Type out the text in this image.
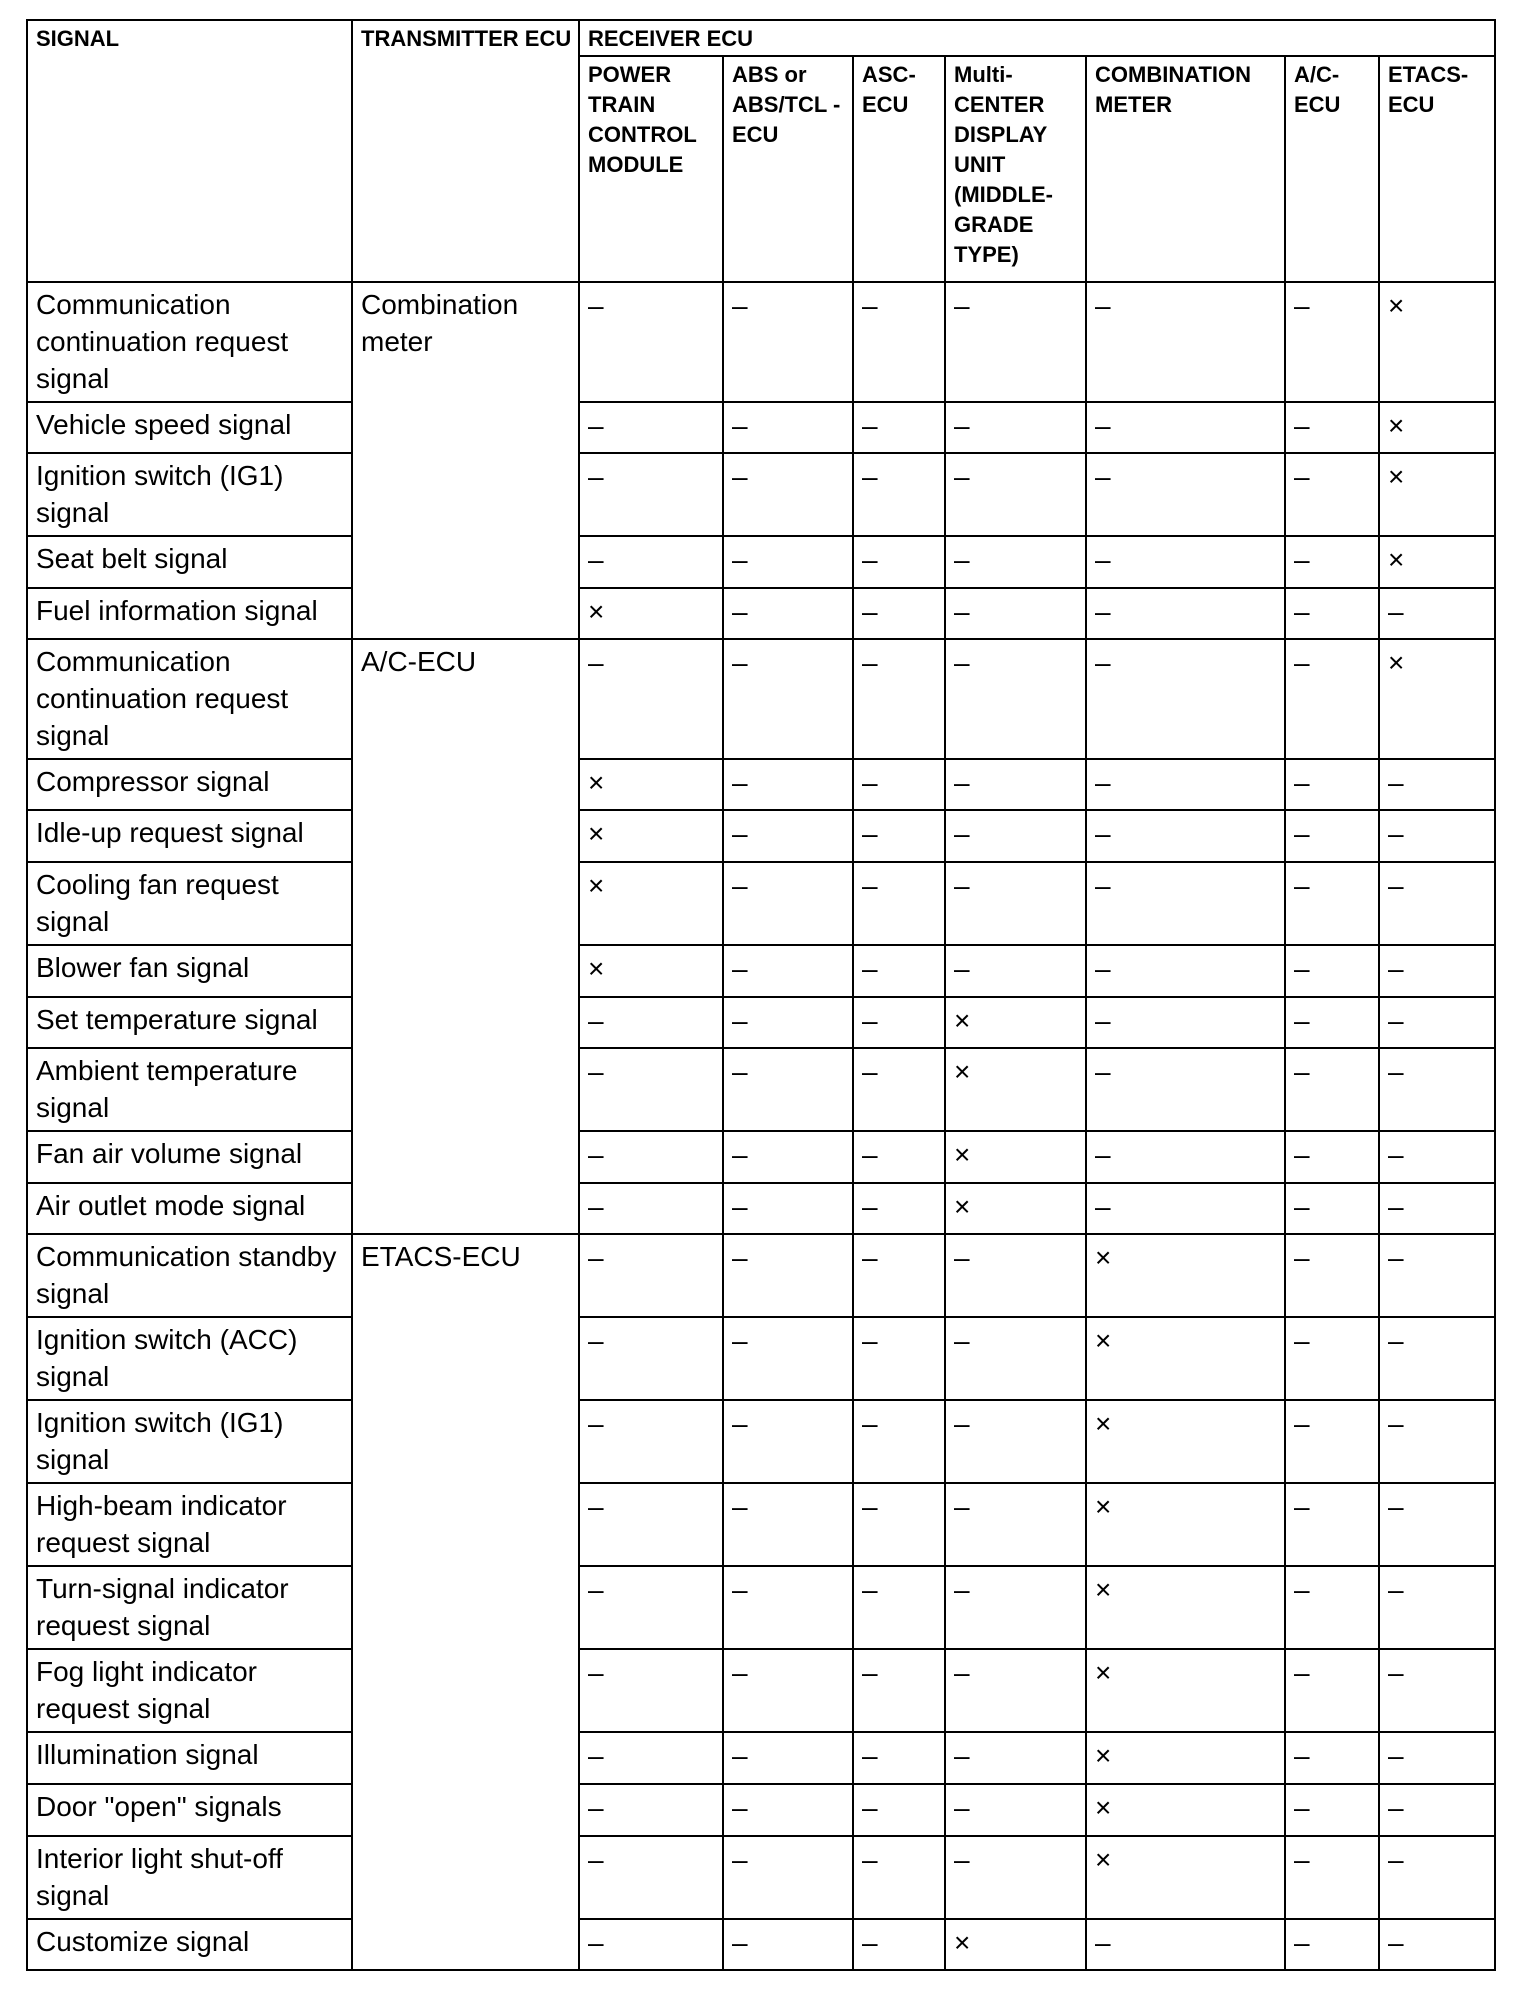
SIGNAL	TRANSMITTER ECU	RECEIVER ECU						
		POWER TRAIN CONTROL MODULE	ABS or ABS/TCL -ECU	ASC- ECU	Multi- CENTER DISPLAY UNIT (MIDDLE- GRADE TYPE)	COMBINATION METER	A/C- ECU	ETACS- ECU
Communication continuation request signal	Combination meter	–	–	–	–	–	–	×
Vehicle speed signal		–	–	–	–	–	–	×
Ignition switch (IG1) signal		–	–	–	–	–	–	×
Seat belt signal		–	–	–	–	–	–	×
Fuel information signal		×	–	–	–	–	–	–
Communication continuation request signal	A/C-ECU	–	–	–	–	–	–	×
Compressor signal		×	–	–	–	–	–	–
Idle-up request signal		×	–	–	–	–	–	–
Cooling fan request signal		×	–	–	–	–	–	–
Blower fan signal		×	–	–	–	–	–	–
Set temperature signal		–	–	–	×	–	–	–
Ambient temperature signal		–	–	–	×	–	–	–
Fan air volume signal		–	–	–	×	–	–	–
Air outlet mode signal		–	–	–	×	–	–	–
Communication standby signal	ETACS-ECU	–	–	–	–	×	–	–
Ignition switch (ACC) signal		–	–	–	–	×	–	–
Ignition switch (IG1) signal		–	–	–	–	×	–	–
High-beam indicator request signal		–	–	–	–	×	–	–
Turn-signal indicator request signal		–	–	–	–	×	–	–
Fog light indicator request signal		–	–	–	–	×	–	–
Illumination signal		–	–	–	–	×	–	–
Door "open" signals		–	–	–	–	×	–	–
Interior light shut-off signal		–	–	–	–	×	–	–
Customize signal		–	–	–	×	–	–	–
